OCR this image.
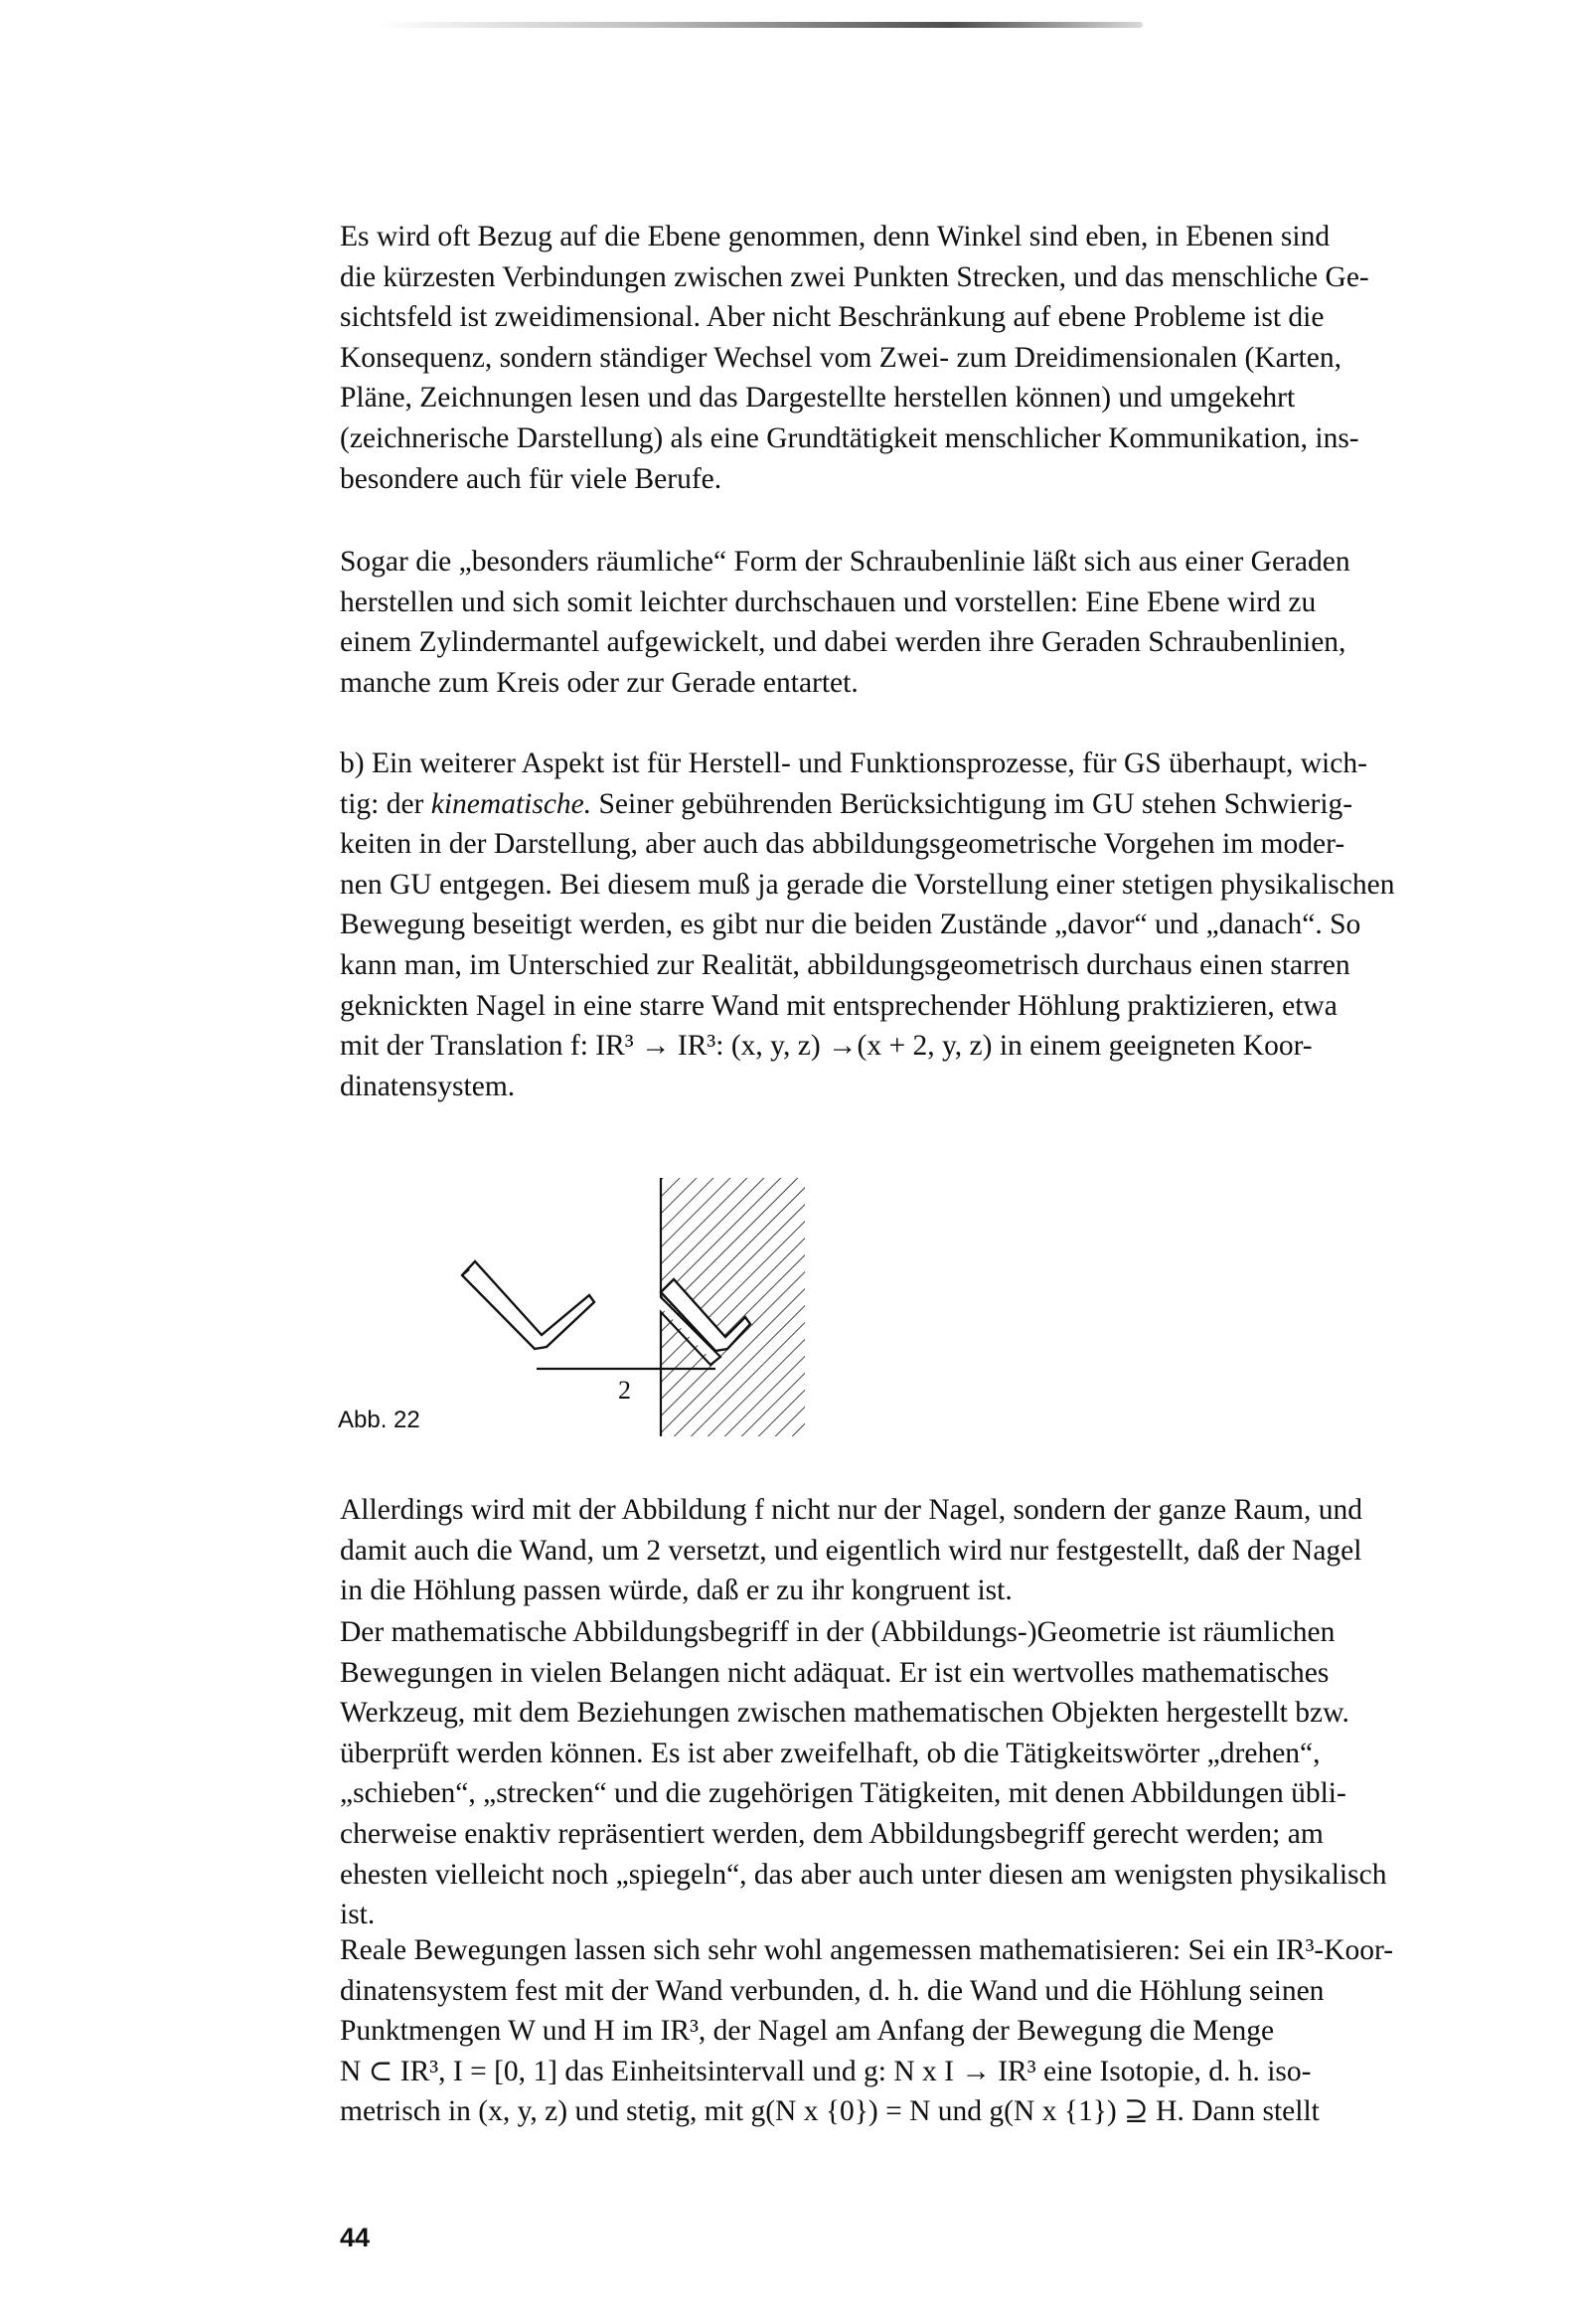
Es wird oft Bezug auf die Ebene genommen, denn Winkel sind eben, in Ebenen sind
die kürzesten Verbindungen zwischen zwei Punkten Strecken, und das menschliche Ge-
sichtsfeld ist zweidimensional. Aber nicht Beschränkung auf ebene Probleme ist die
Konsequenz, sondern ständiger Wechsel vom Zwei- zum Dreidimensionalen (Karten,
Pläne, Zeichnungen lesen und das Dargestellte herstellen können) und umgekehrt
(zeichnerische Darstellung) als eine Grundtätigkeit menschlicher Kommunikation, ins-
besondere auch für viele Berufe.
Sogar die „besonders räumliche“ Form der Schraubenlinie läßt sich aus einer Geraden
herstellen und sich somit leichter durchschauen und vorstellen: Eine Ebene wird zu
einem Zylindermantel aufgewickelt, und dabei werden ihre Geraden Schraubenlinien,
manche zum Kreis oder zur Gerade entartet.
b) Ein weiterer Aspekt ist für Herstell- und Funktionsprozesse, für GS überhaupt, wich-
tig: der kinematische. Seiner gebührenden Berücksichtigung im GU stehen Schwierig-
keiten in der Darstellung, aber auch das abbildungsgeometrische Vorgehen im moder-
nen GU entgegen. Bei diesem muß ja gerade die Vorstellung einer stetigen physikalischen
Bewegung beseitigt werden, es gibt nur die beiden Zustände „davor“ und „danach“. So
kann man, im Unterschied zur Realität, abbildungsgeometrisch durchaus einen starren
geknickten Nagel in eine starre Wand mit entsprechender Höhlung praktizieren, etwa
mit der Translation f: IR³ → IR³: (x, y, z) →(x + 2, y, z) in einem geeigneten Koor-
dinatensystem.
2
Abb. 22
Allerdings wird mit der Abbildung f nicht nur der Nagel, sondern der ganze Raum, und
damit auch die Wand, um 2 versetzt, und eigentlich wird nur festgestellt, daß der Nagel
in die Höhlung passen würde, daß er zu ihr kongruent ist.
Der mathematische Abbildungsbegriff in der (Abbildungs-)Geometrie ist räumlichen
Bewegungen in vielen Belangen nicht adäquat. Er ist ein wertvolles mathematisches
Werkzeug, mit dem Beziehungen zwischen mathematischen Objekten hergestellt bzw.
überprüft werden können. Es ist aber zweifelhaft, ob die Tätigkeitswörter „drehen“,
„schieben“, „strecken“ und die zugehörigen Tätigkeiten, mit denen Abbildungen übli-
cherweise enaktiv repräsentiert werden, dem Abbildungsbegriff gerecht werden; am
ehesten vielleicht noch „spiegeln“, das aber auch unter diesen am wenigsten physikalisch
ist.
Reale Bewegungen lassen sich sehr wohl angemessen mathematisieren: Sei ein IR³-Koor-
dinatensystem fest mit der Wand verbunden, d. h. die Wand und die Höhlung seinen
Punktmengen W und H im IR³, der Nagel am Anfang der Bewegung die Menge
N ⊂ IR³, I = [0, 1] das Einheitsintervall und g: N x I → IR³ eine Isotopie, d. h. iso-
metrisch in (x, y, z) und stetig, mit g(N x {0}) = N und g(N x {1}) ⊇ H. Dann stellt
44
